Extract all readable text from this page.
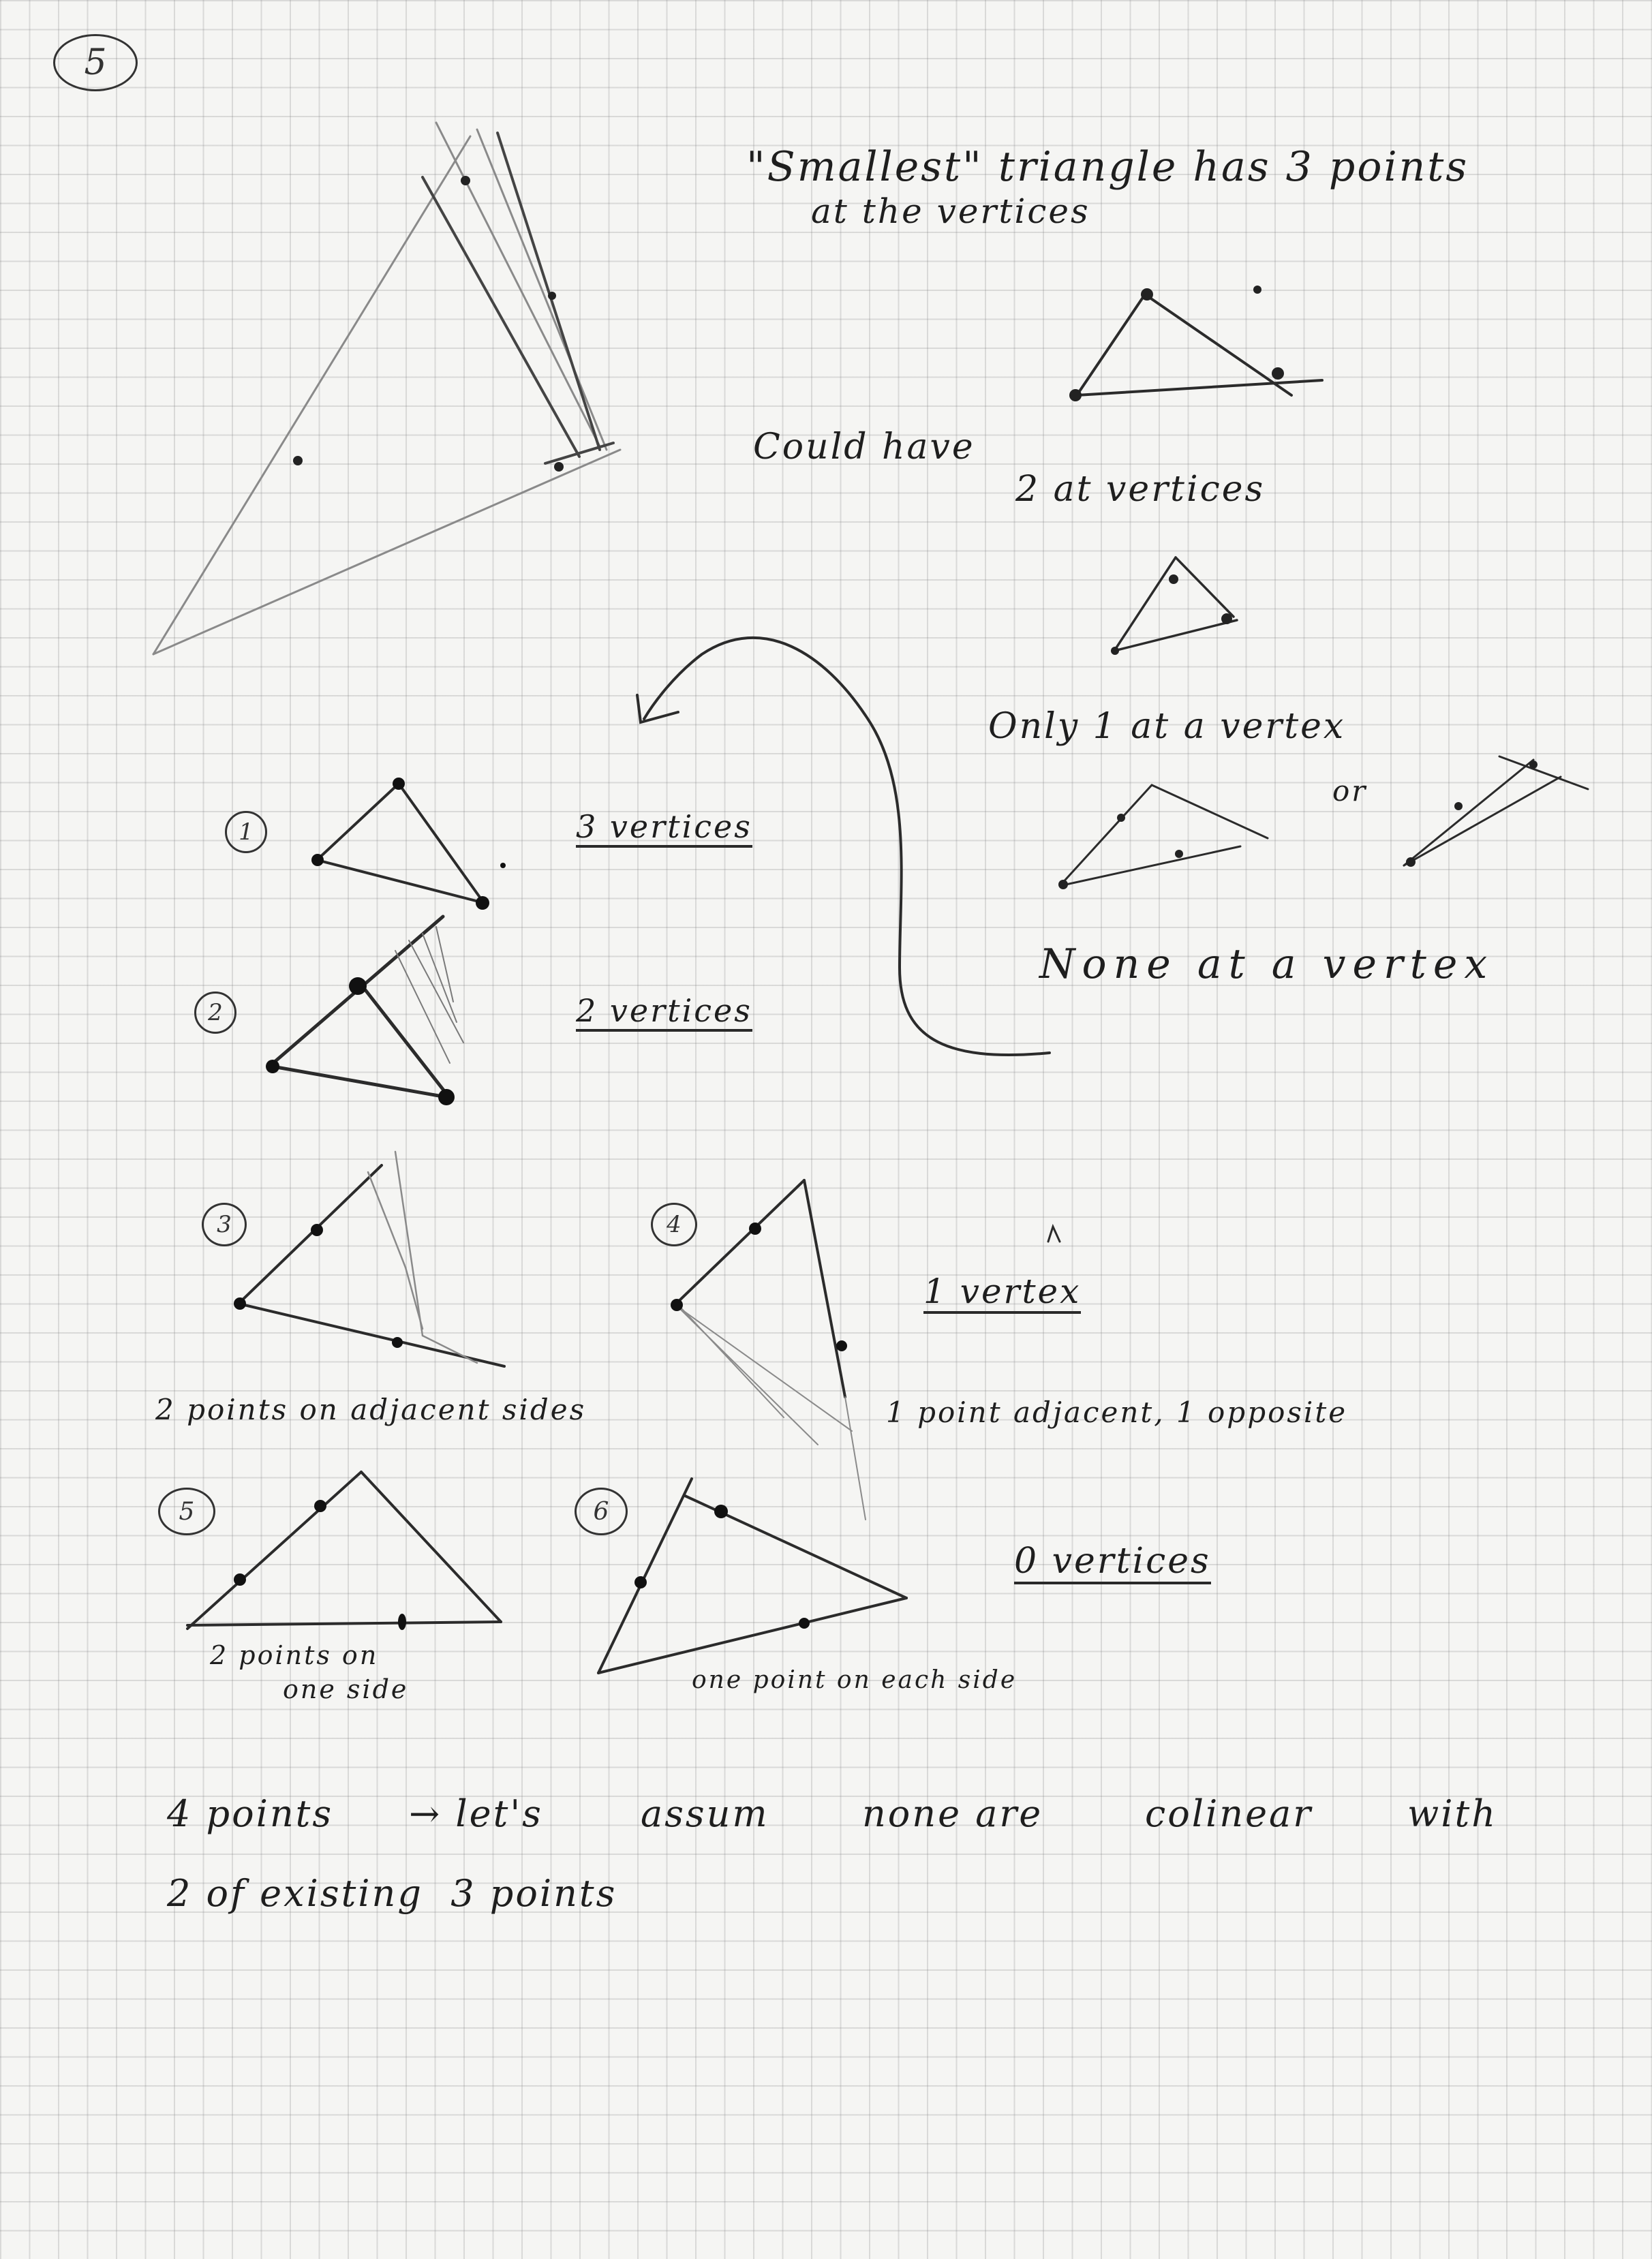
5
"Smallest" triangle has 3 points
at the vertices
Could have
2 at vertices
Only 1 at a vertex
or
None at a vertex
3 vertices
2 vertices
1 vertex
0 vertices
1
2
3	4
5	6
2 points on adjacent sides	1 point adjacent, 1 opposite
2 points on
one side	one point on each side
4 points → let's	assum	none are	colinear	with
2 of existing  3 points
